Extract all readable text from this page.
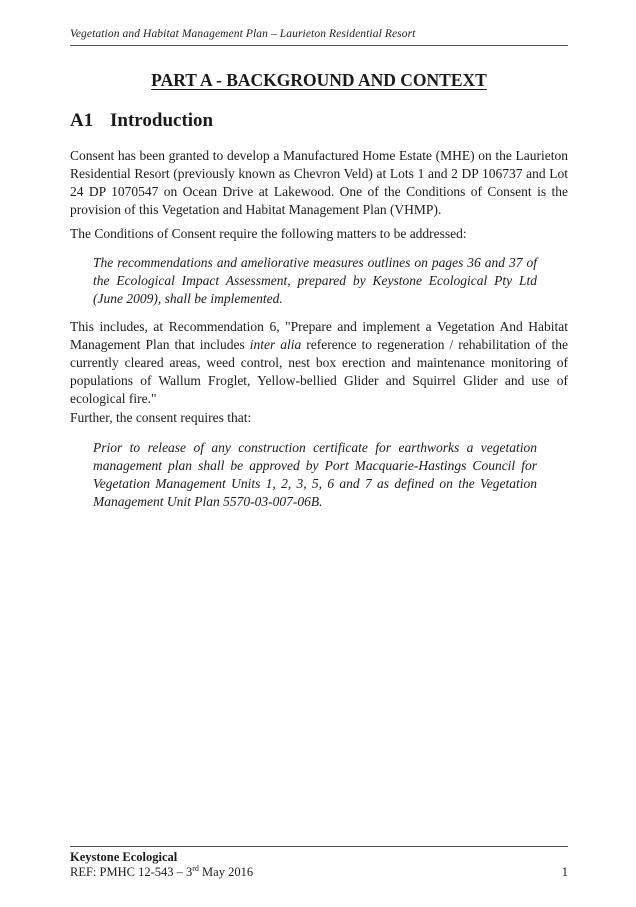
Vegetation and Habitat Management Plan – Laurieton Residential Resort
PART A - BACKGROUND AND CONTEXT
A1 Introduction
Consent has been granted to develop a Manufactured Home Estate (MHE) on the Laurieton Residential Resort (previously known as Chevron Veld) at Lots 1 and 2 DP 106737 and Lot 24 DP 1070547 on Ocean Drive at Lakewood. One of the Conditions of Consent is the provision of this Vegetation and Habitat Management Plan (VHMP).
The Conditions of Consent require the following matters to be addressed:
The recommendations and ameliorative measures outlines on pages 36 and 37 of the Ecological Impact Assessment, prepared by Keystone Ecological Pty Ltd (June 2009), shall be implemented.
This includes, at Recommendation 6, "Prepare and implement a Vegetation And Habitat Management Plan that includes inter alia reference to regeneration / rehabilitation of the currently cleared areas, weed control, nest box erection and maintenance monitoring of populations of Wallum Froglet, Yellow-bellied Glider and Squirrel Glider and use of ecological fire."
Further, the consent requires that:
Prior to release of any construction certificate for earthworks a vegetation management plan shall be approved by Port Macquarie-Hastings Council for Vegetation Management Units 1, 2, 3, 5, 6 and 7 as defined on the Vegetation Management Unit Plan 5570-03-007-06B.
Keystone Ecological
REF: PMHC 12-543 – 3rd May 2016	1
